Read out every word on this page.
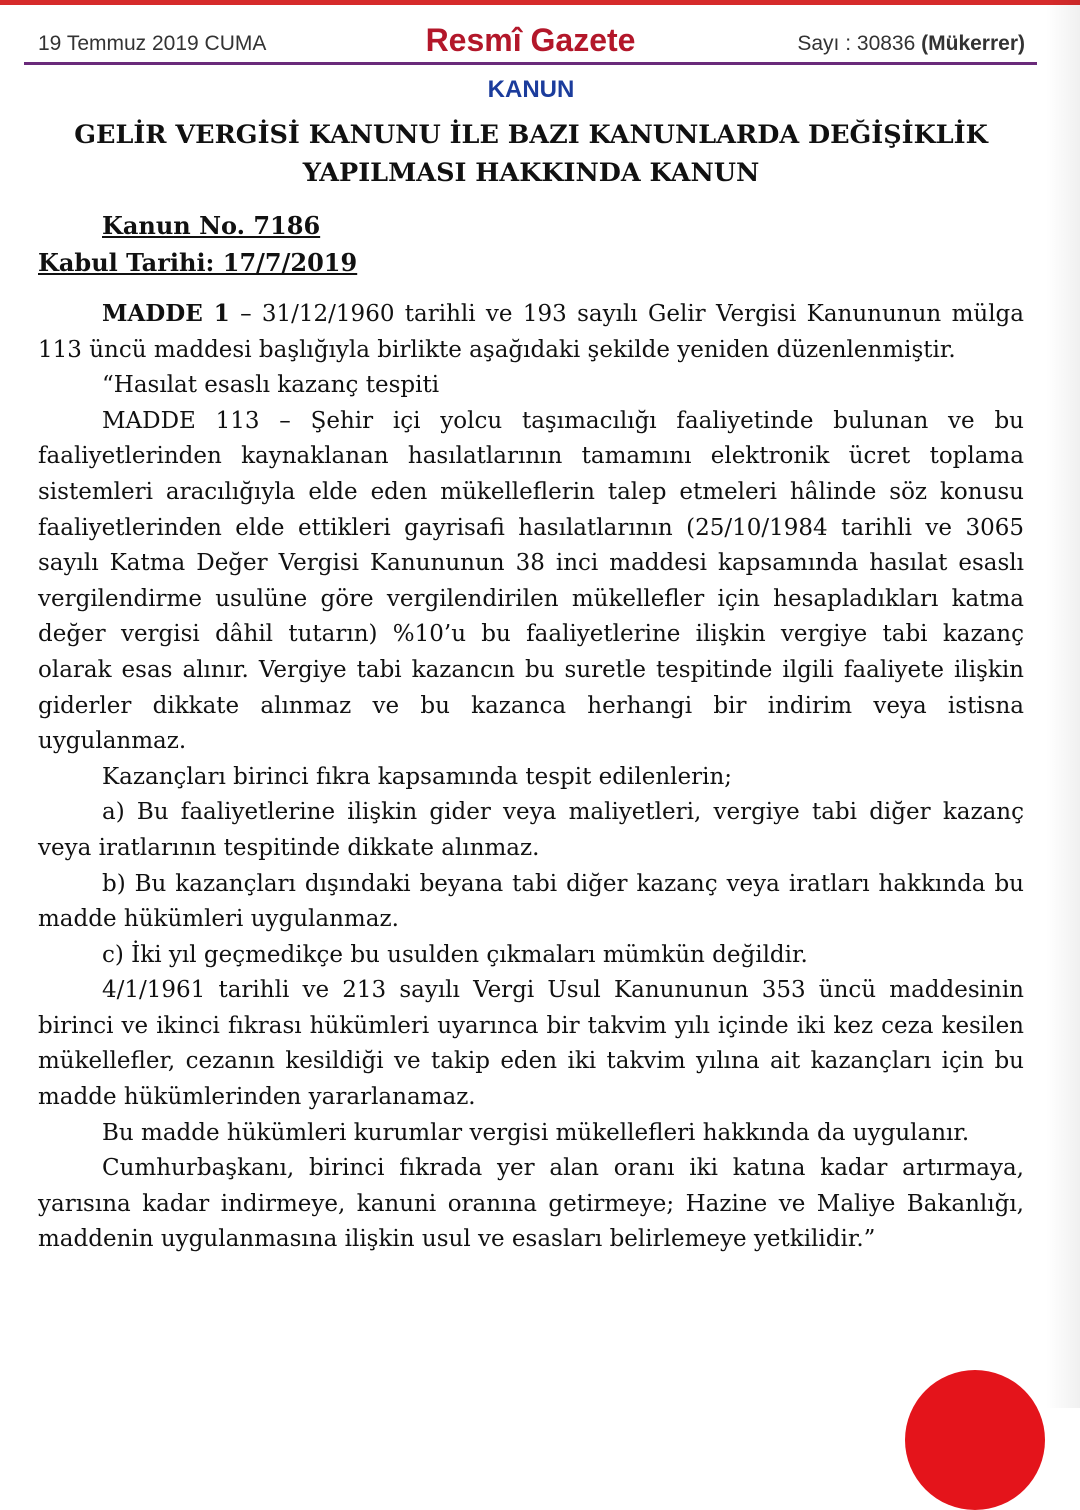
19 Temmuz 2019 CUMA	Resmî Gazete	Sayı : 30836 (Mükerrer)
KANUN
GELİR VERGİSİ KANUNU İLE BAZI KANUNLARDA DEĞİŞİKLİK
YAPILMASI HAKKINDA KANUN
Kanun No. 7186
Kabul Tarihi: 17/7/2019

MADDE 1 – 31/12/1960 tarihli ve 193 sayılı Gelir Vergisi Kanununun mülga 113 üncü maddesi başlığıyla birlikte aşağıdaki şekilde yeniden düzenlenmiştir.

“Hasılat esaslı kazanç tespiti

MADDE 113 – Şehir içi yolcu taşımacılığı faaliyetinde bulunan ve bu faaliyetlerinden kaynaklanan hasılatlarının tamamını elektronik ücret toplama sistemleri aracılığıyla elde eden mükelleflerin talep etmeleri hâlinde söz konusu faaliyetlerinden elde ettikleri gayrisafi hasılatlarının (25/10/1984 tarihli ve 3065 sayılı Katma Değer Vergisi Kanununun 38 inci maddesi kapsamında hasılat esaslı vergilendirme usulüne göre vergilendirilen mükellefler için hesapladıkları katma değer vergisi dâhil tutarın) %10’u bu faaliyetlerine ilişkin vergiye tabi kazanç olarak esas alınır. Vergiye tabi kazancın bu suretle tespitinde ilgili faaliyete ilişkin giderler dikkate alınmaz ve bu kazanca herhangi bir indirim veya istisna uygulanmaz.

Kazançları birinci fıkra kapsamında tespit edilenlerin;

a) Bu faaliyetlerine ilişkin gider veya maliyetleri, vergiye tabi diğer kazanç veya iratlarının tespitinde dikkate alınmaz.

b) Bu kazançları dışındaki beyana tabi diğer kazanç veya iratları hakkında bu madde hükümleri uygulanmaz.

c) İki yıl geçmedikçe bu usulden çıkmaları mümkün değildir.

4/1/1961 tarihli ve 213 sayılı Vergi Usul Kanununun 353 üncü maddesinin birinci ve ikinci fıkrası hükümleri uyarınca bir takvim yılı içinde iki kez ceza kesilen mükellefler, cezanın kesildiği ve takip eden iki takvim yılına ait kazançları için bu madde hükümlerinden yararlanamaz.

Bu madde hükümleri kurumlar vergisi mükellefleri hakkında da uygulanır.

Cumhurbaşkanı, birinci fıkrada yer alan oranı iki katına kadar artırmaya, yarısına kadar indirmeye, kanuni oranına getirmeye; Hazine ve Maliye Bakanlığı, maddenin uygulanmasına ilişkin usul ve esasları belirlemeye yetkilidir.”
